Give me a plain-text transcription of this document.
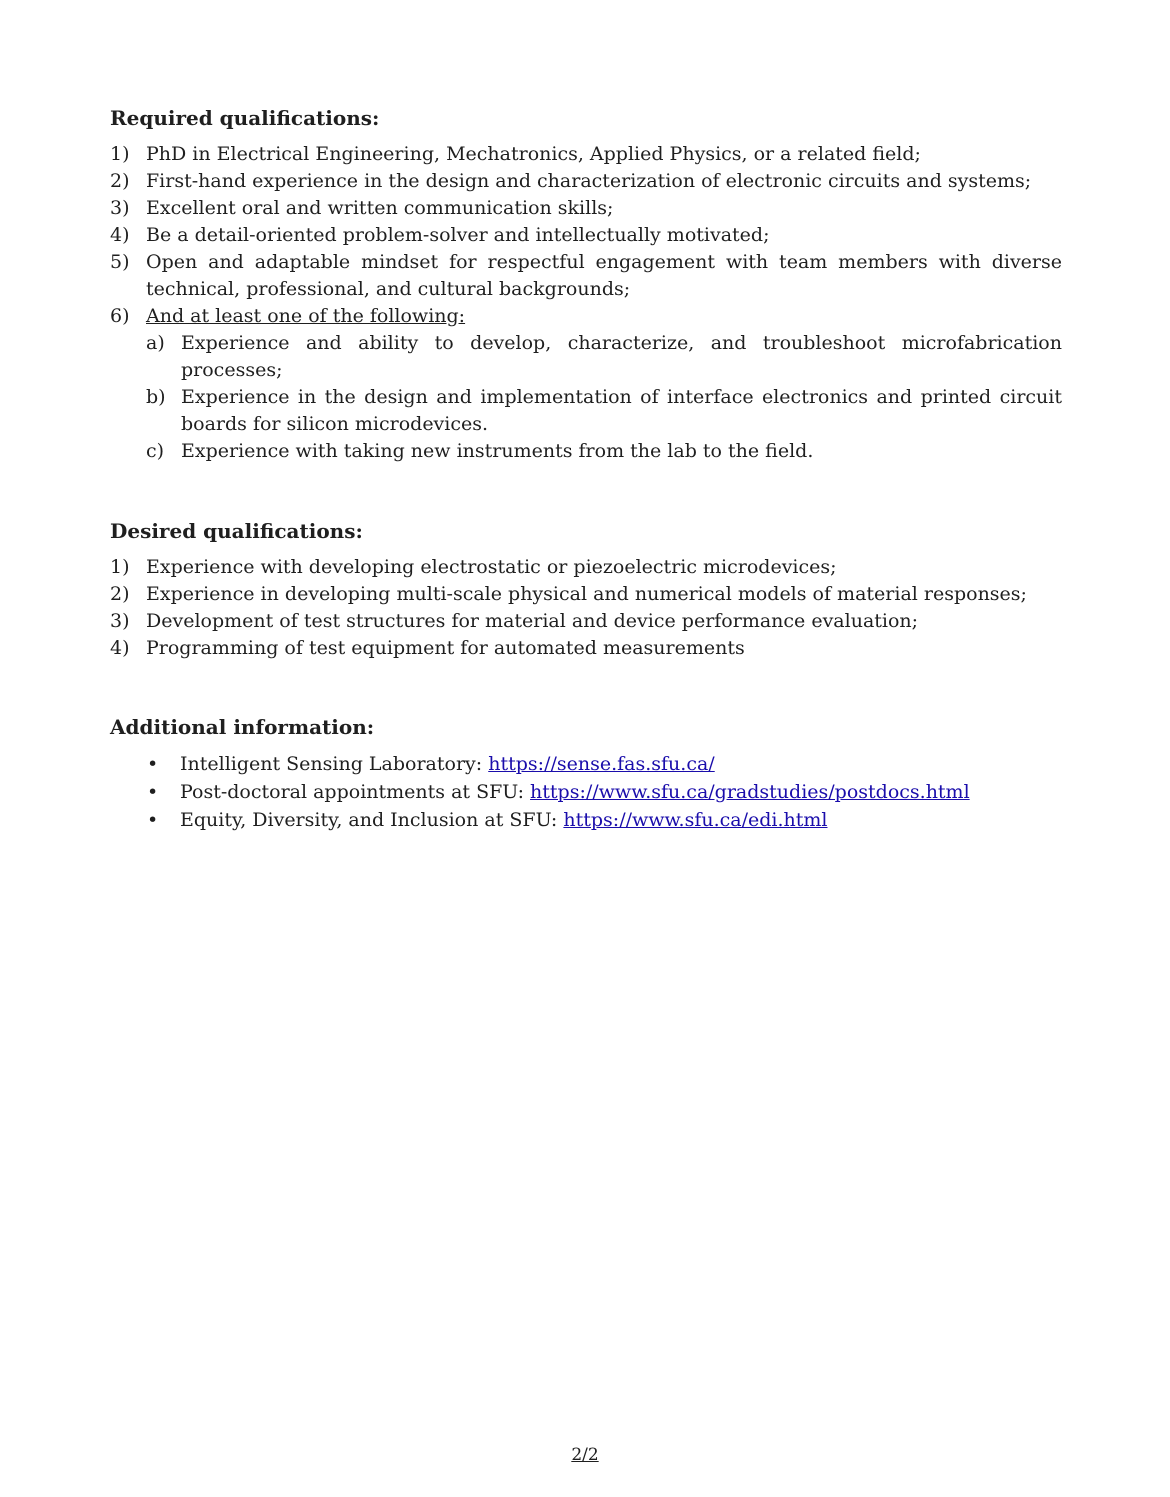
Required qualifications:
1) PhD in Electrical Engineering, Mechatronics, Applied Physics, or a related field;
2) First-hand experience in the design and characterization of electronic circuits and systems;
3) Excellent oral and written communication skills;
4) Be a detail-oriented problem-solver and intellectually motivated;
5) Open and adaptable mindset for respectful engagement with team members with diverse technical, professional, and cultural backgrounds;
6) And at least one of the following:
a) Experience and ability to develop, characterize, and troubleshoot microfabrication processes;
b) Experience in the design and implementation of interface electronics and printed circuit boards for silicon microdevices.
c) Experience with taking new instruments from the lab to the field.
Desired qualifications:
1) Experience with developing electrostatic or piezoelectric microdevices;
2) Experience in developing multi-scale physical and numerical models of material responses;
3) Development of test structures for material and device performance evaluation;
4) Programming of test equipment for automated measurements
Additional information:
• Intelligent Sensing Laboratory: https://sense.fas.sfu.ca/
• Post-doctoral appointments at SFU: https://www.sfu.ca/gradstudies/postdocs.html
• Equity, Diversity, and Inclusion at SFU: https://www.sfu.ca/edi.html
2/2
